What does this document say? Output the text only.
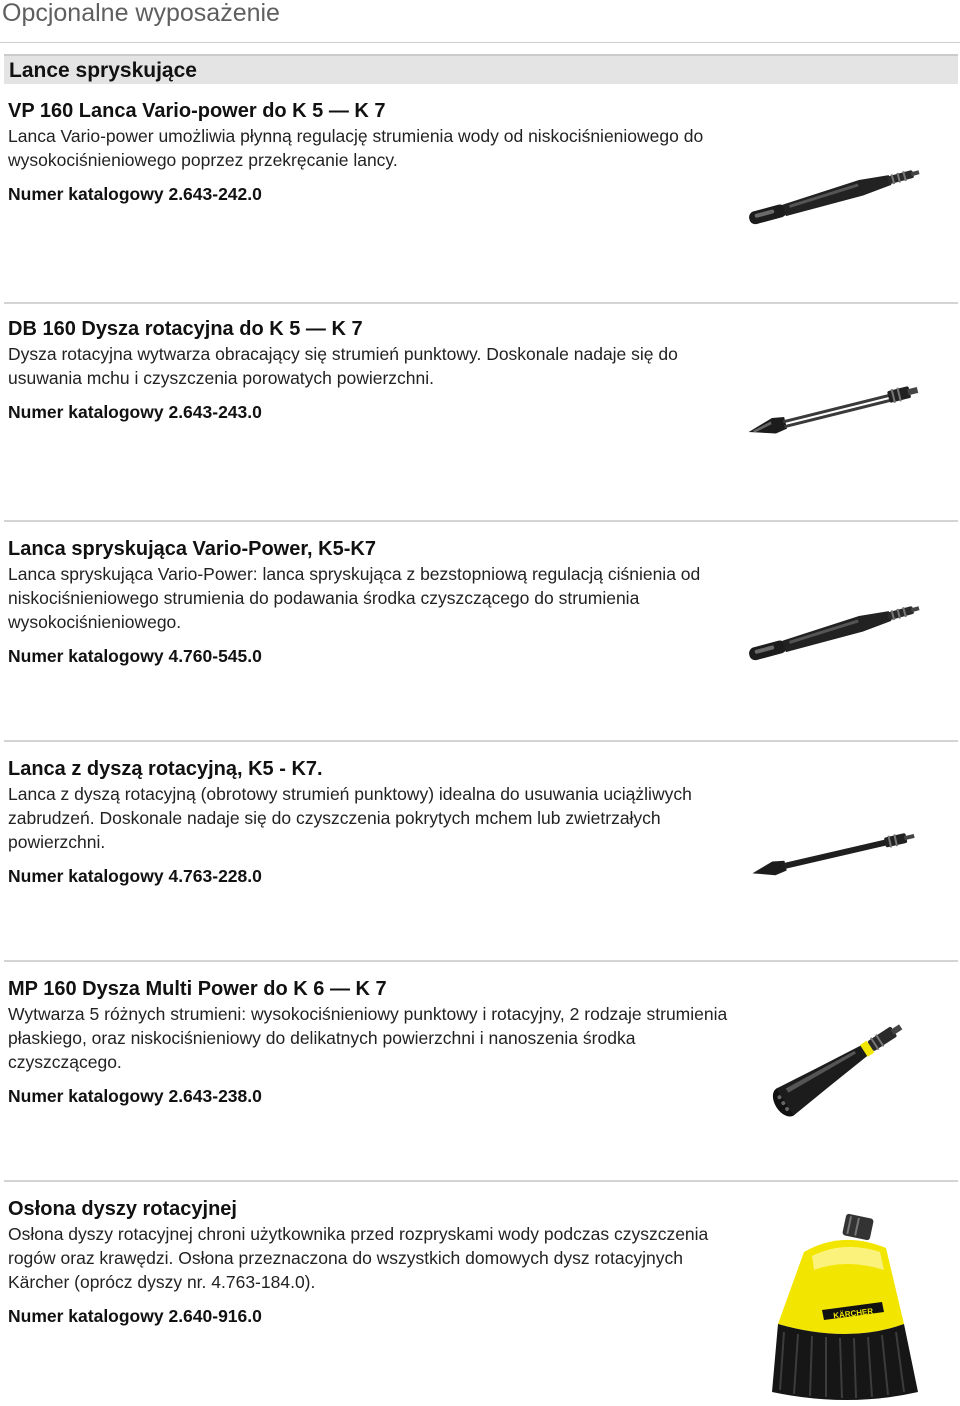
Opcjonalne wyposażenie
Lance spryskujące
VP 160 Lanca Vario-power do K 5 — K 7

Lanca Vario-power umożliwia płynną regulację strumienia wody od niskociśnieniowego do wysokociśnieniowego poprzez przekręcanie lancy.

Numer katalogowy 2.643-242.0
DB 160 Dysza rotacyjna do K 5 — K 7

Dysza rotacyjna wytwarza obracający się strumień punktowy. Doskonale nadaje się do usuwania mchu i czyszczenia porowatych powierzchni.

Numer katalogowy 2.643-243.0
Lanca spryskująca Vario-Power, K5-K7

Lanca spryskująca Vario-Power: lanca spryskująca z bezstopniową regulacją ciśnienia od niskociśnieniowego strumienia do podawania środka czyszczącego do strumienia wysokociśnieniowego.

Numer katalogowy 4.760-545.0
Lanca z dyszą rotacyjną, K5 - K7.

Lanca z dyszą rotacyjną (obrotowy strumień punktowy) idealna do usuwania uciążliwych zabrudzeń. Doskonale nadaje się do czyszczenia pokrytych mchem lub zwietrzałych powierzchni.

Numer katalogowy 4.763-228.0
MP 160 Dysza Multi Power do K 6 — K 7

Wytwarza 5 różnych strumieni: wysokociśnieniowy punktowy i rotacyjny, 2 rodzaje strumienia płaskiego, oraz niskociśnieniowy do delikatnych powierzchni i nanoszenia środka czyszczącego.

Numer katalogowy 2.643-238.0
Osłona dyszy rotacyjnej

Osłona dyszy rotacyjnej chroni użytkownika przed rozpryskami wody podczas czyszczenia rogów oraz krawędzi. Osłona przeznaczona do wszystkich domowych dysz rotacyjnych Kärcher (oprócz dyszy nr. 4.763-184.0).

Numer katalogowy 2.640-916.0	KÄRCHER
